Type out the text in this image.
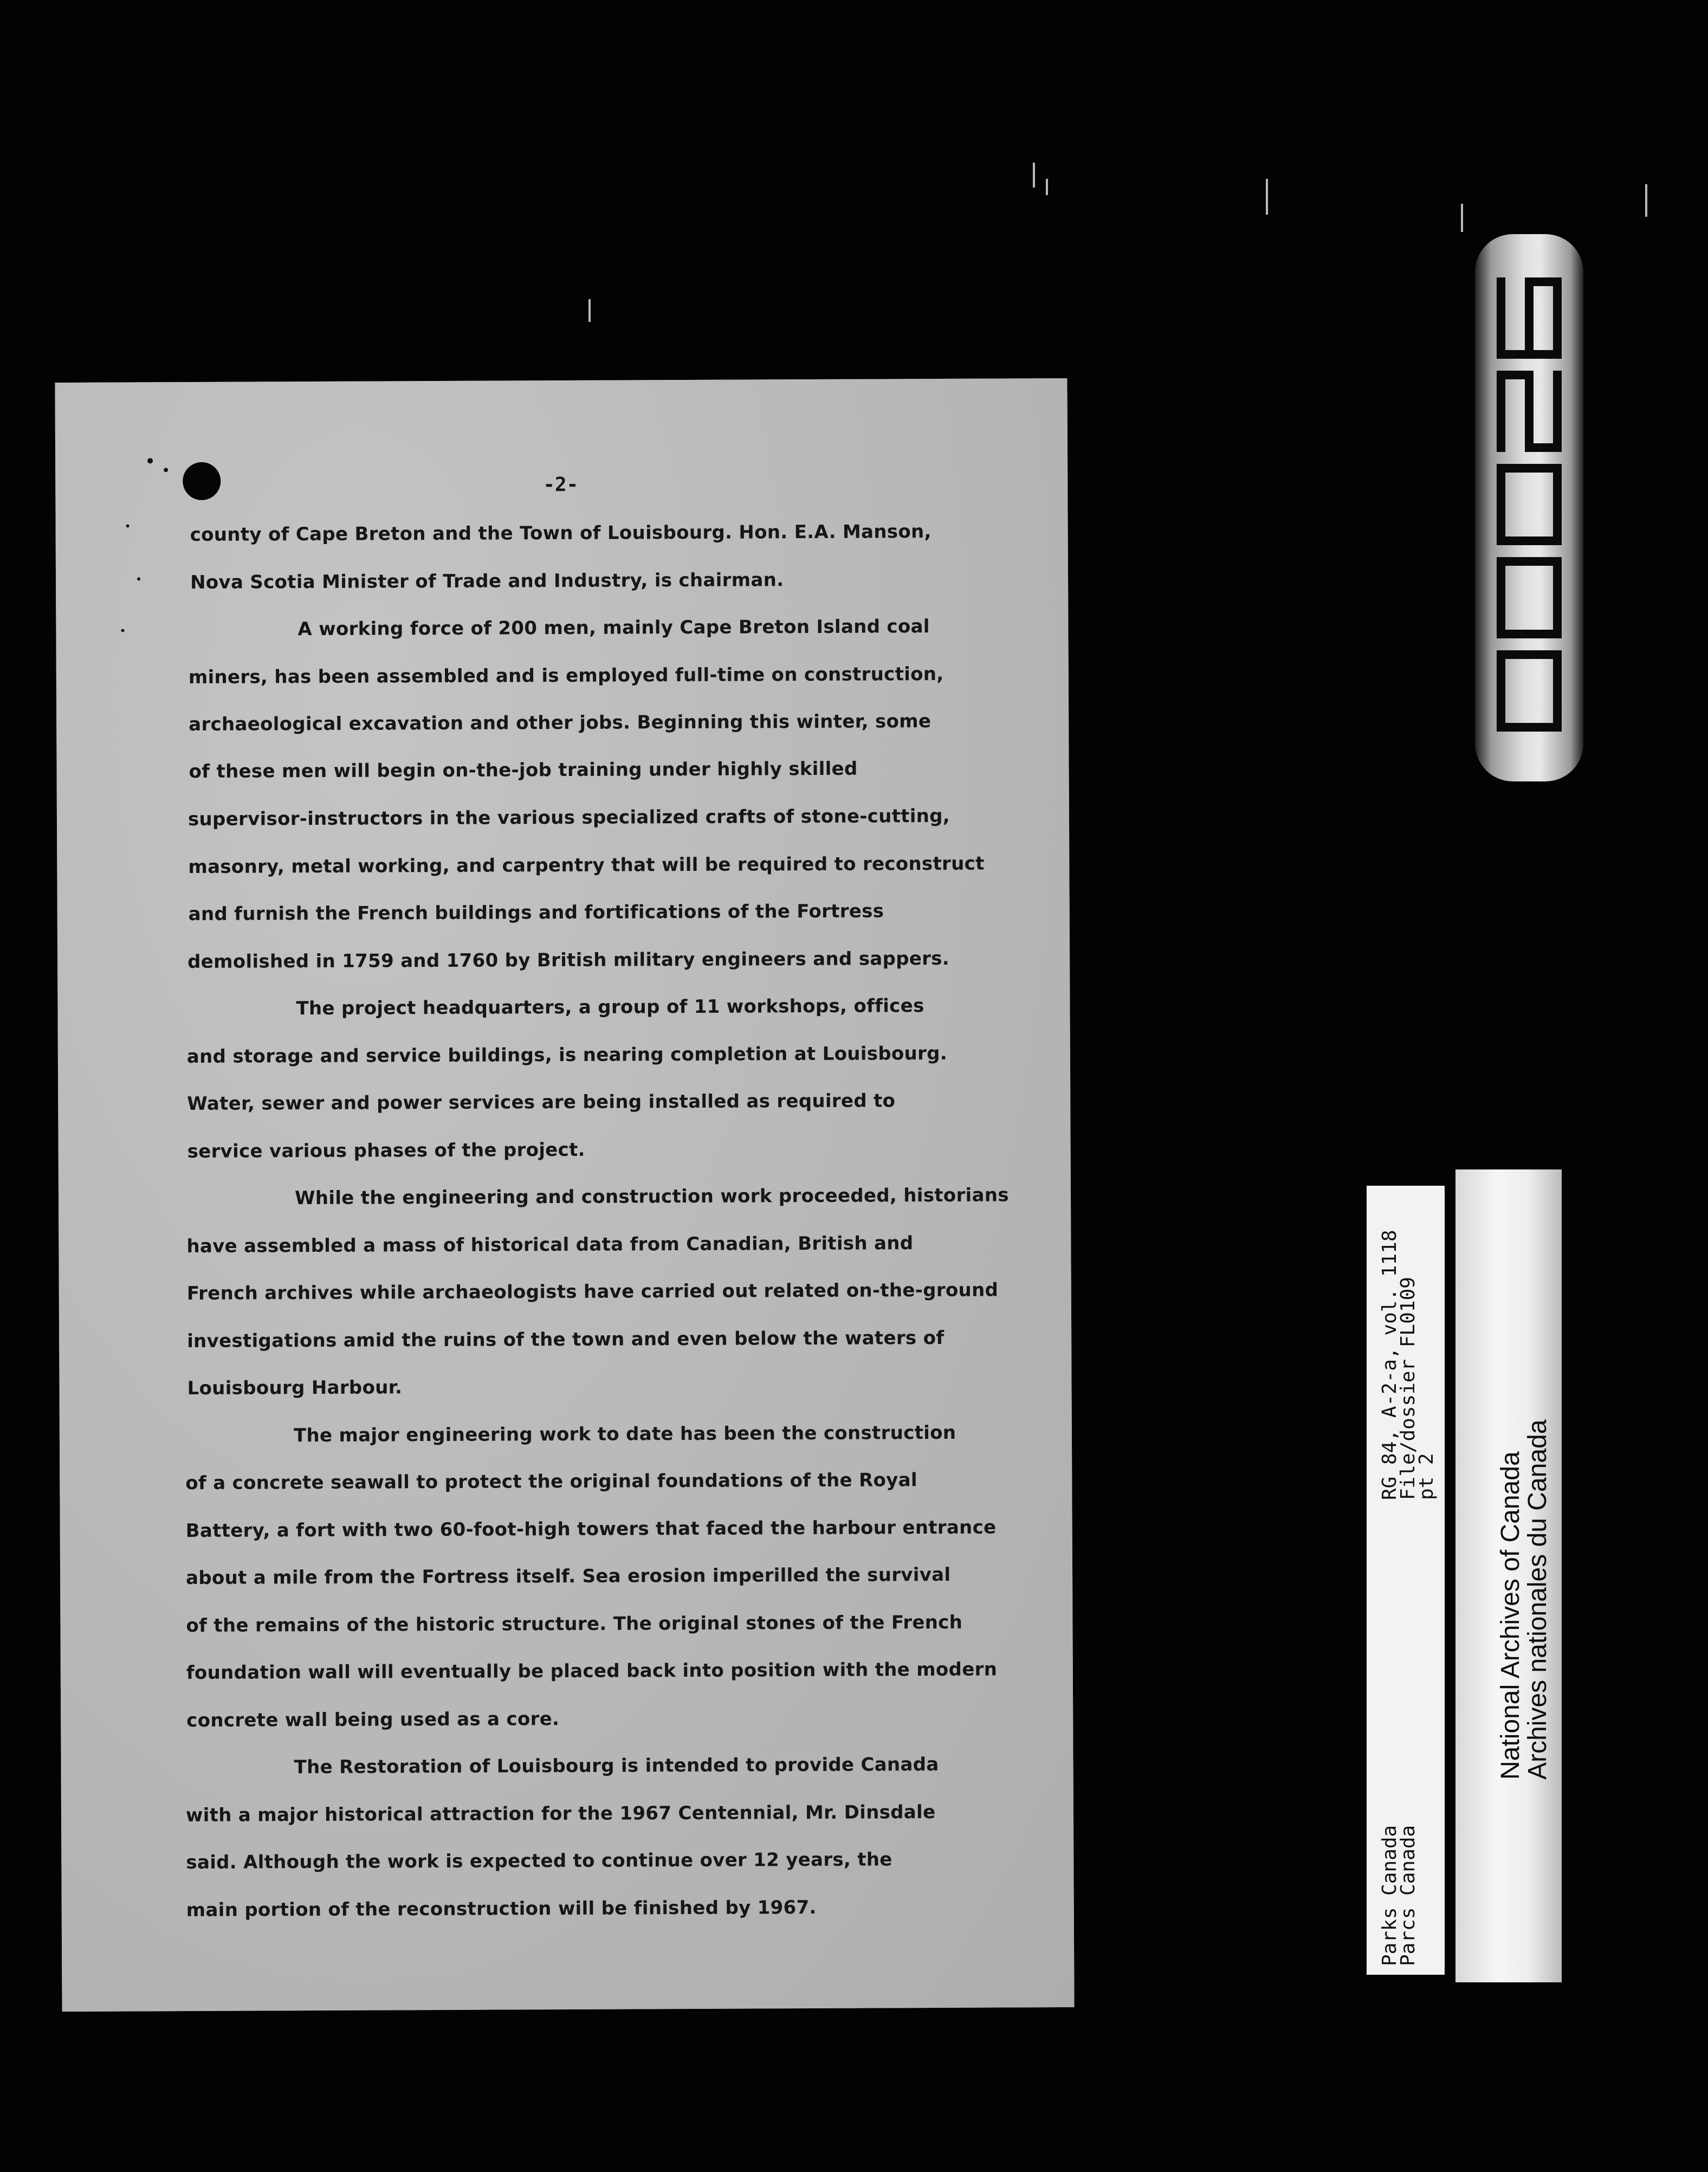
-2-
county of Cape Breton and the Town of Louisbourg. Hon. E.A. Manson,
Nova Scotia Minister of Trade and Industry, is chairman.
A working force of 200 men, mainly Cape Breton Island coal
miners, has been assembled and is employed full-time on construction,
archaeological excavation and other jobs. Beginning this winter, some
of these men will begin on-the-job training under highly skilled
supervisor-instructors in the various specialized crafts of stone-cutting,
masonry, metal working, and carpentry that will be required to reconstruct
and furnish the French buildings and fortifications of the Fortress
demolished in 1759 and 1760 by British military engineers and sappers.
The project headquarters, a group of 11 workshops, offices
and storage and service buildings, is nearing completion at Louisbourg.
Water, sewer and power services are being installed as required to
service various phases of the project.
While the engineering and construction work proceeded, historians
have assembled a mass of historical data from Canadian, British and
French archives while archaeologists have carried out related on-the-ground
investigations amid the ruins of the town and even below the waters of
Louisbourg Harbour.
The major engineering work to date has been the construction
of a concrete seawall to protect the original foundations of the Royal
Battery, a fort with two 60-foot-high towers that faced the harbour entrance
about a mile from the Fortress itself. Sea erosion imperilled the survival
of the remains of the historic structure. The original stones of the French
foundation wall will eventually be placed back into position with the modern
concrete wall being used as a core.
The Restoration of Louisbourg is intended to provide Canada
with a major historical attraction for the 1967 Centennial, Mr. Dinsdale
said. Although the work is expected to continue over 12 years, the
main portion of the reconstruction will be finished by 1967.
RG 84, A-2-a, vol. 1118
File/dossier FL0109
pt 2
Parks Canada
Parcs Canada
National Archives of Canada
Archives nationales du Canada
